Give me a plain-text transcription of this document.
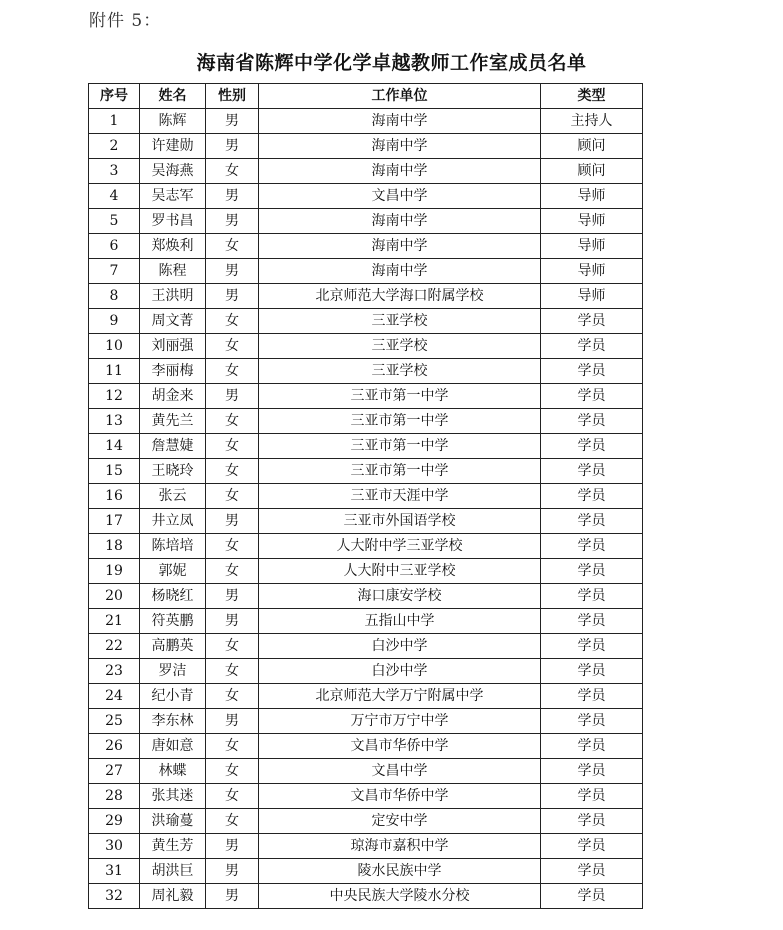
附件 5：
海南省陈辉中学化学卓越教师工作室成员名单
序号	姓名	性别	工作单位	类型
1	陈辉	男	海南中学	主持人
2	许建勋	男	海南中学	顾问
3	吴海燕	女	海南中学	顾问
4	吴志军	男	文昌中学	导师
5	罗书昌	男	海南中学	导师
6	郑焕利	女	海南中学	导师
7	陈程	男	海南中学	导师
8	王洪明	男	北京师范大学海口附属学校	导师
9	周文菁	女	三亚学校	学员
10	刘丽强	女	三亚学校	学员
11	李丽梅	女	三亚学校	学员
12	胡金来	男	三亚市第一中学	学员
13	黄先兰	女	三亚市第一中学	学员
14	詹慧婕	女	三亚市第一中学	学员
15	王晓玲	女	三亚市第一中学	学员
16	张云	女	三亚市天涯中学	学员
17	井立凤	男	三亚市外国语学校	学员
18	陈培培	女	人大附中学三亚学校	学员
19	郭妮	女	人大附中三亚学校	学员
20	杨晓红	男	海口康安学校	学员
21	符英鹏	男	五指山中学	学员
22	高鹏英	女	白沙中学	学员
23	罗洁	女	白沙中学	学员
24	纪小青	女	北京师范大学万宁附属中学	学员
25	李东林	男	万宁市万宁中学	学员
26	唐如意	女	文昌市华侨中学	学员
27	林蝶	女	文昌中学	学员
28	张其迷	女	文昌市华侨中学	学员
29	洪瑜蔓	女	定安中学	学员
30	黄生芳	男	琼海市嘉积中学	学员
31	胡洪巨	男	陵水民族中学	学员
32	周礼毅	男	中央民族大学陵水分校	学员
